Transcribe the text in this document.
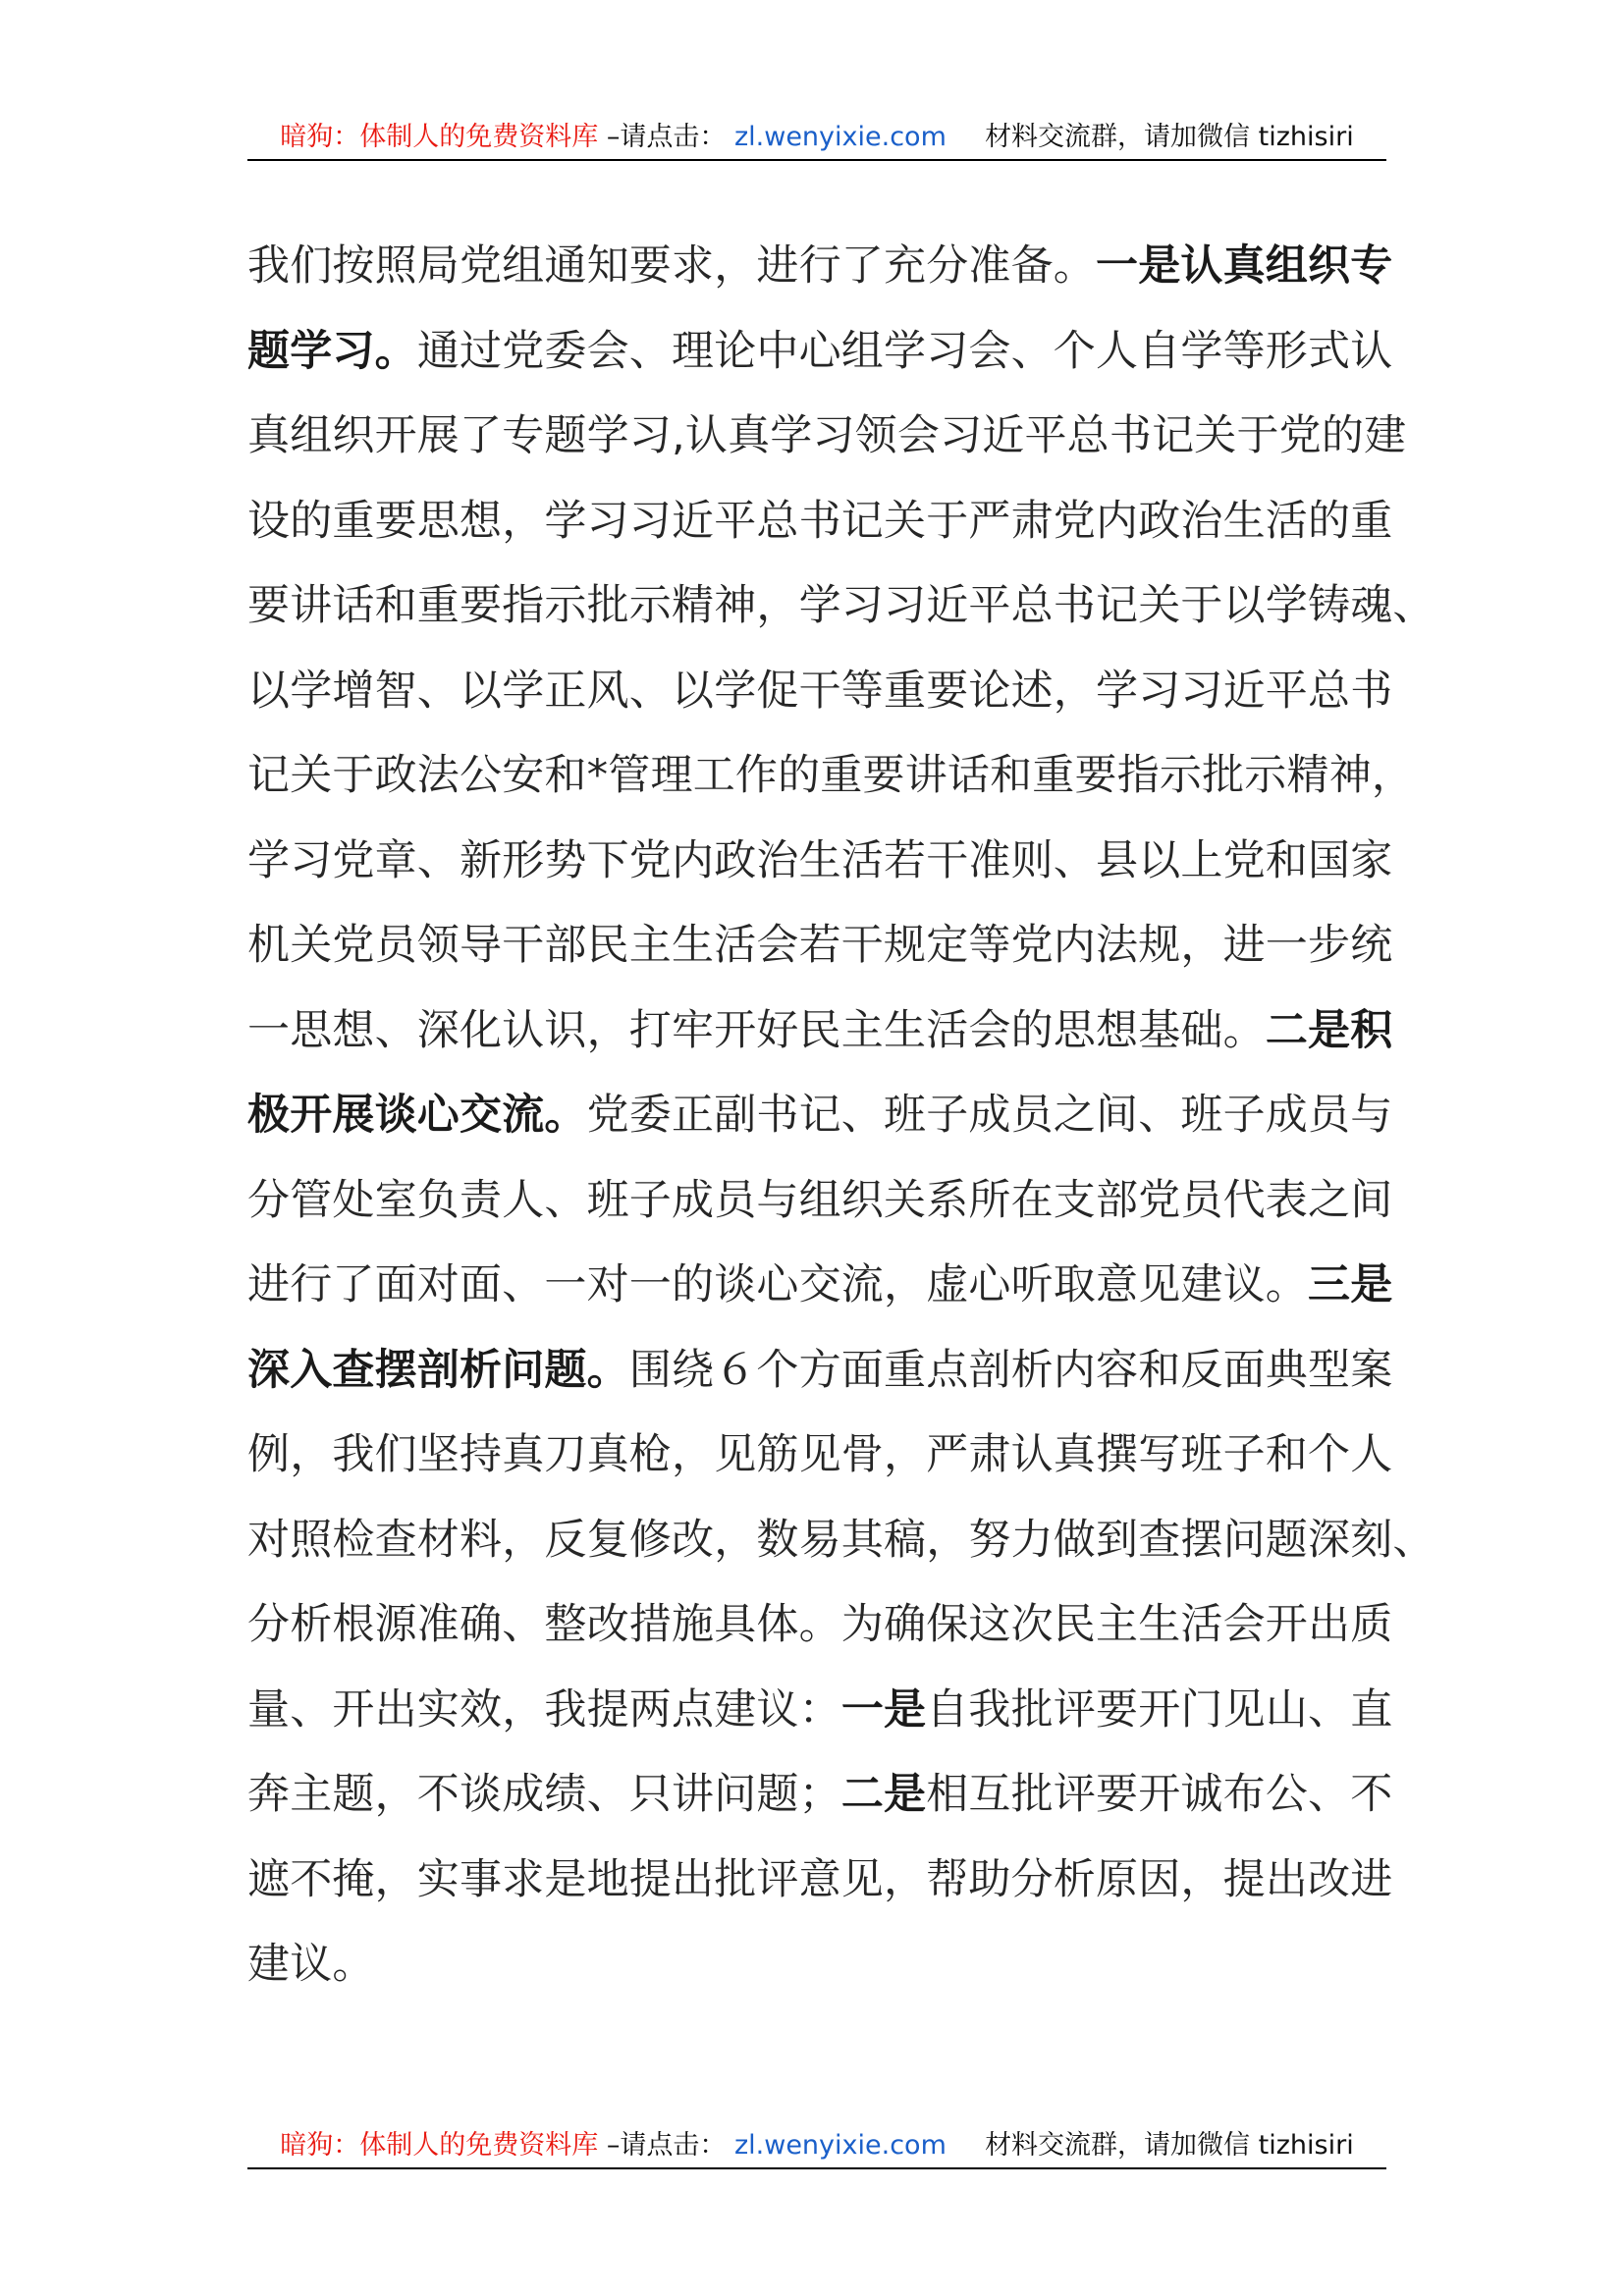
暗狗：体制人的免费资料库 –请点击： zl.wenyixie.com 材料交流群，请加微信 tizhisiri
我们按照局党组通知要求，进行了充分准备。一是认真组织专
题学习。通过党委会、理论中心组学习会、个人自学等形式认
真组织开展了专题学习,认真学习领会习近平总书记关于党的建
设的重要思想，学习习近平总书记关于严肃党内政治生活的重
要讲话和重要指示批示精神，学习习近平总书记关于以学铸魂、
以学增智、以学正风、以学促干等重要论述，学习习近平总书
记关于政法公安和*管理工作的重要讲话和重要指示批示精神，
学习党章、新形势下党内政治生活若干准则、县以上党和国家
机关党员领导干部民主生活会若干规定等党内法规，进一步统
一思想、深化认识，打牢开好民主生活会的思想基础。二是积
极开展谈心交流。党委正副书记、班子成员之间、班子成员与
分管处室负责人、班子成员与组织关系所在支部党员代表之间
进行了面对面、一对一的谈心交流，虚心听取意见建议。三是
深入查摆剖析问题。围绕６个方面重点剖析内容和反面典型案
例，我们坚持真刀真枪，见筋见骨，严肃认真撰写班子和个人
对照检查材料，反复修改，数易其稿，努力做到查摆问题深刻、
分析根源准确、整改措施具体。为确保这次民主生活会开出质
量、开出实效，我提两点建议：一是自我批评要开门见山、直
奔主题，不谈成绩、只讲问题；二是相互批评要开诚布公、不
遮不掩，实事求是地提出批评意见，帮助分析原因，提出改进
建议。
暗狗：体制人的免费资料库 –请点击： zl.wenyixie.com 材料交流群，请加微信 tizhisiri
